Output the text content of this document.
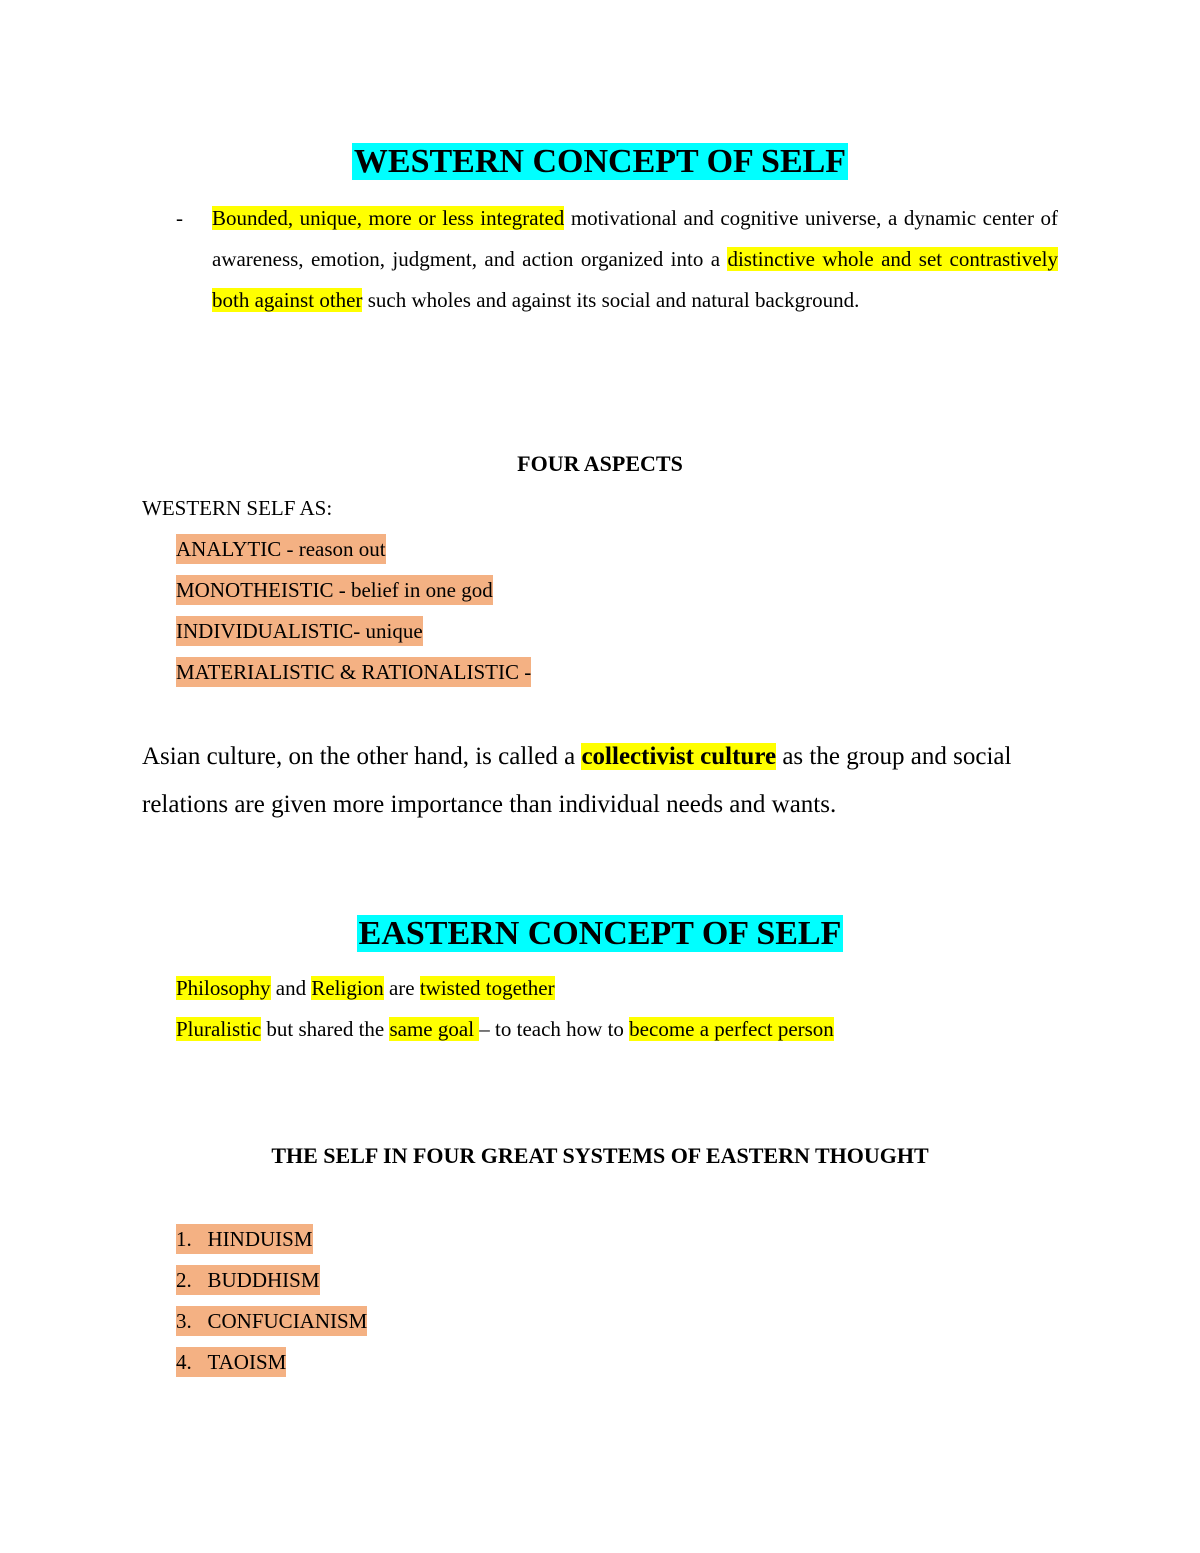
WESTERN CONCEPT OF SELF
- Bounded, unique, more or less integrated motivational and cognitive universe, a dynamic center of awareness, emotion, judgment, and action organized into a distinctive whole and set contrastively both against other such wholes and against its social and natural background.
FOUR ASPECTS
WESTERN SELF AS:
ANALYTIC - reason out
MONOTHEISTIC - belief in one god
INDIVIDUALISTIC- unique
MATERIALISTIC & RATIONALISTIC -
Asian culture, on the other hand, is called a collectivist culture as the group and social relations are given more importance than individual needs and wants.
EASTERN CONCEPT OF SELF
Philosophy and Religion are twisted together
Pluralistic but shared the same goal – to teach how to become a perfect person
THE SELF IN FOUR GREAT SYSTEMS OF EASTERN THOUGHT
1. HINDUISM
2. BUDDHISM
3. CONFUCIANISM
4. TAOISM
